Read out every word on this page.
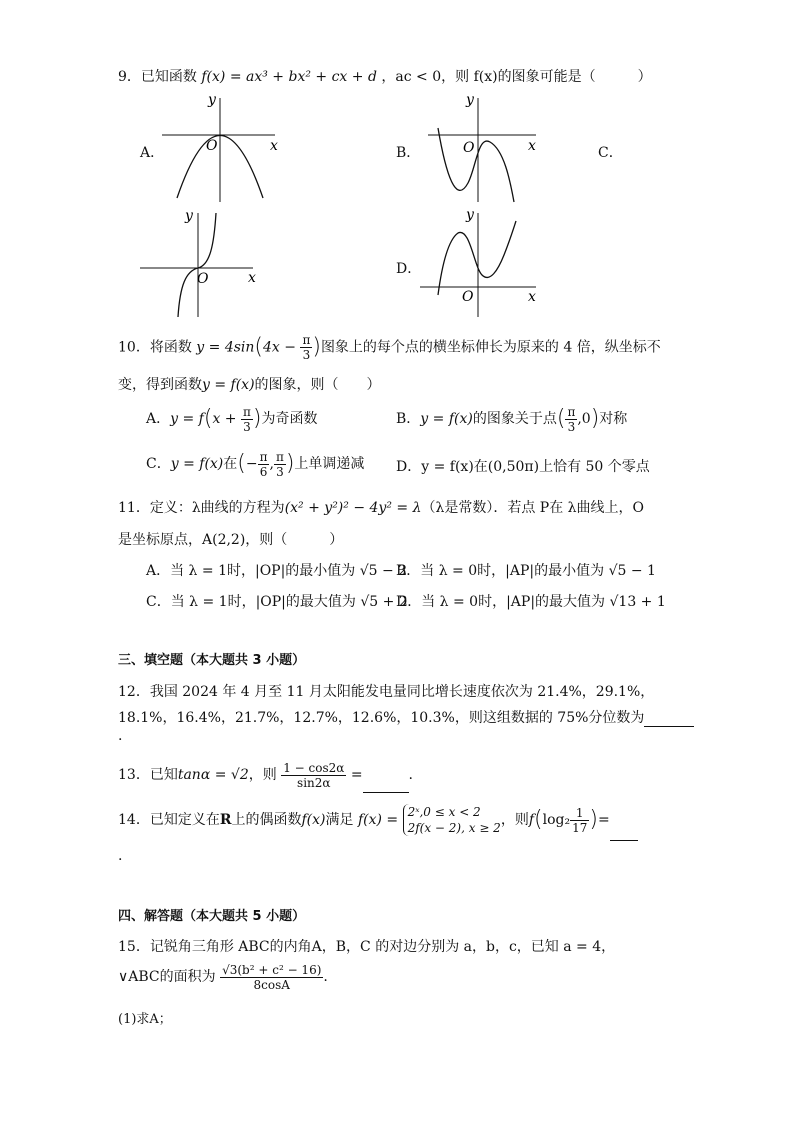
9．已知函数 f(x) = ax³ + bx² + cx + d ，ac < 0，则 f(x)的图象可能是（　　　）
A．
y
x
O	B．
y
x
O	C．
y
x
O
D．
y
x
O
10．将函数 $y = 4\sin(4x - \frac{\pi}{3}$ )图象上的每个点的横坐标伸长为原来的 4 倍，纵坐标不
变，得到函数y = f(x)的图象，则（　　）
A．$y = f(x + \frac{\pi}{3}$ )为奇函数	B．y = f(x)的图象关于点( $\frac{\pi}{3} ,0$)对称
C．y = f(x)在(− $\frac{\pi}{6}$ , $\frac{\pi}{3}$ )上单调递减 D．y = f(x)在(0,50π)上恰有 50 个零点
11．定义：λ曲线的方程为(x² + y²)² − 4y² = λ（λ是常数）．若点 P在 λ曲线上，O
是坐标原点，A(2,2)，则（　　　）
A．当 λ = 1时，|OP|的最小值为 √5 − 2
B．当 λ = 0时，|AP|的最小值为 √5 − 1
C．当 λ = 1时，|OP|的最大值为 √5 + 2
D．当 λ = 0时，|AP|的最大值为 √13 + 1
三、填空题（本大题共 3 小题）
12．我国 2024 年 4 月至 11 月太阳能发电量同比增长速度依次为 21.4%，29.1%，
18.1%，16.4%，21.7%，12.7%，12.6%，10.3%，则这组数据的 75%分位数为
.
13．已知tanα = √2，则 $\frac{1 - \cos 2\alpha}{\sin 2\alpha}$ =	.
14．已知定义在R上的偶函数f(x)满足 f(x) = 2ˣ,0 ≤ x < 2
2f(x − 2), x ≥ 2 ，则$f(\log_2 \frac{1}{17}$ )=
.
四、解答题（本大题共 5 小题）
15．记锐角三角形 ABC的内角A，B，C 的对边分别为 a，b，c，已知 a = 4，
∨ABC的面积为 $\frac{\text{√3(b² + c² − 16)}}{8\cos A}$ .
(1)求A；
